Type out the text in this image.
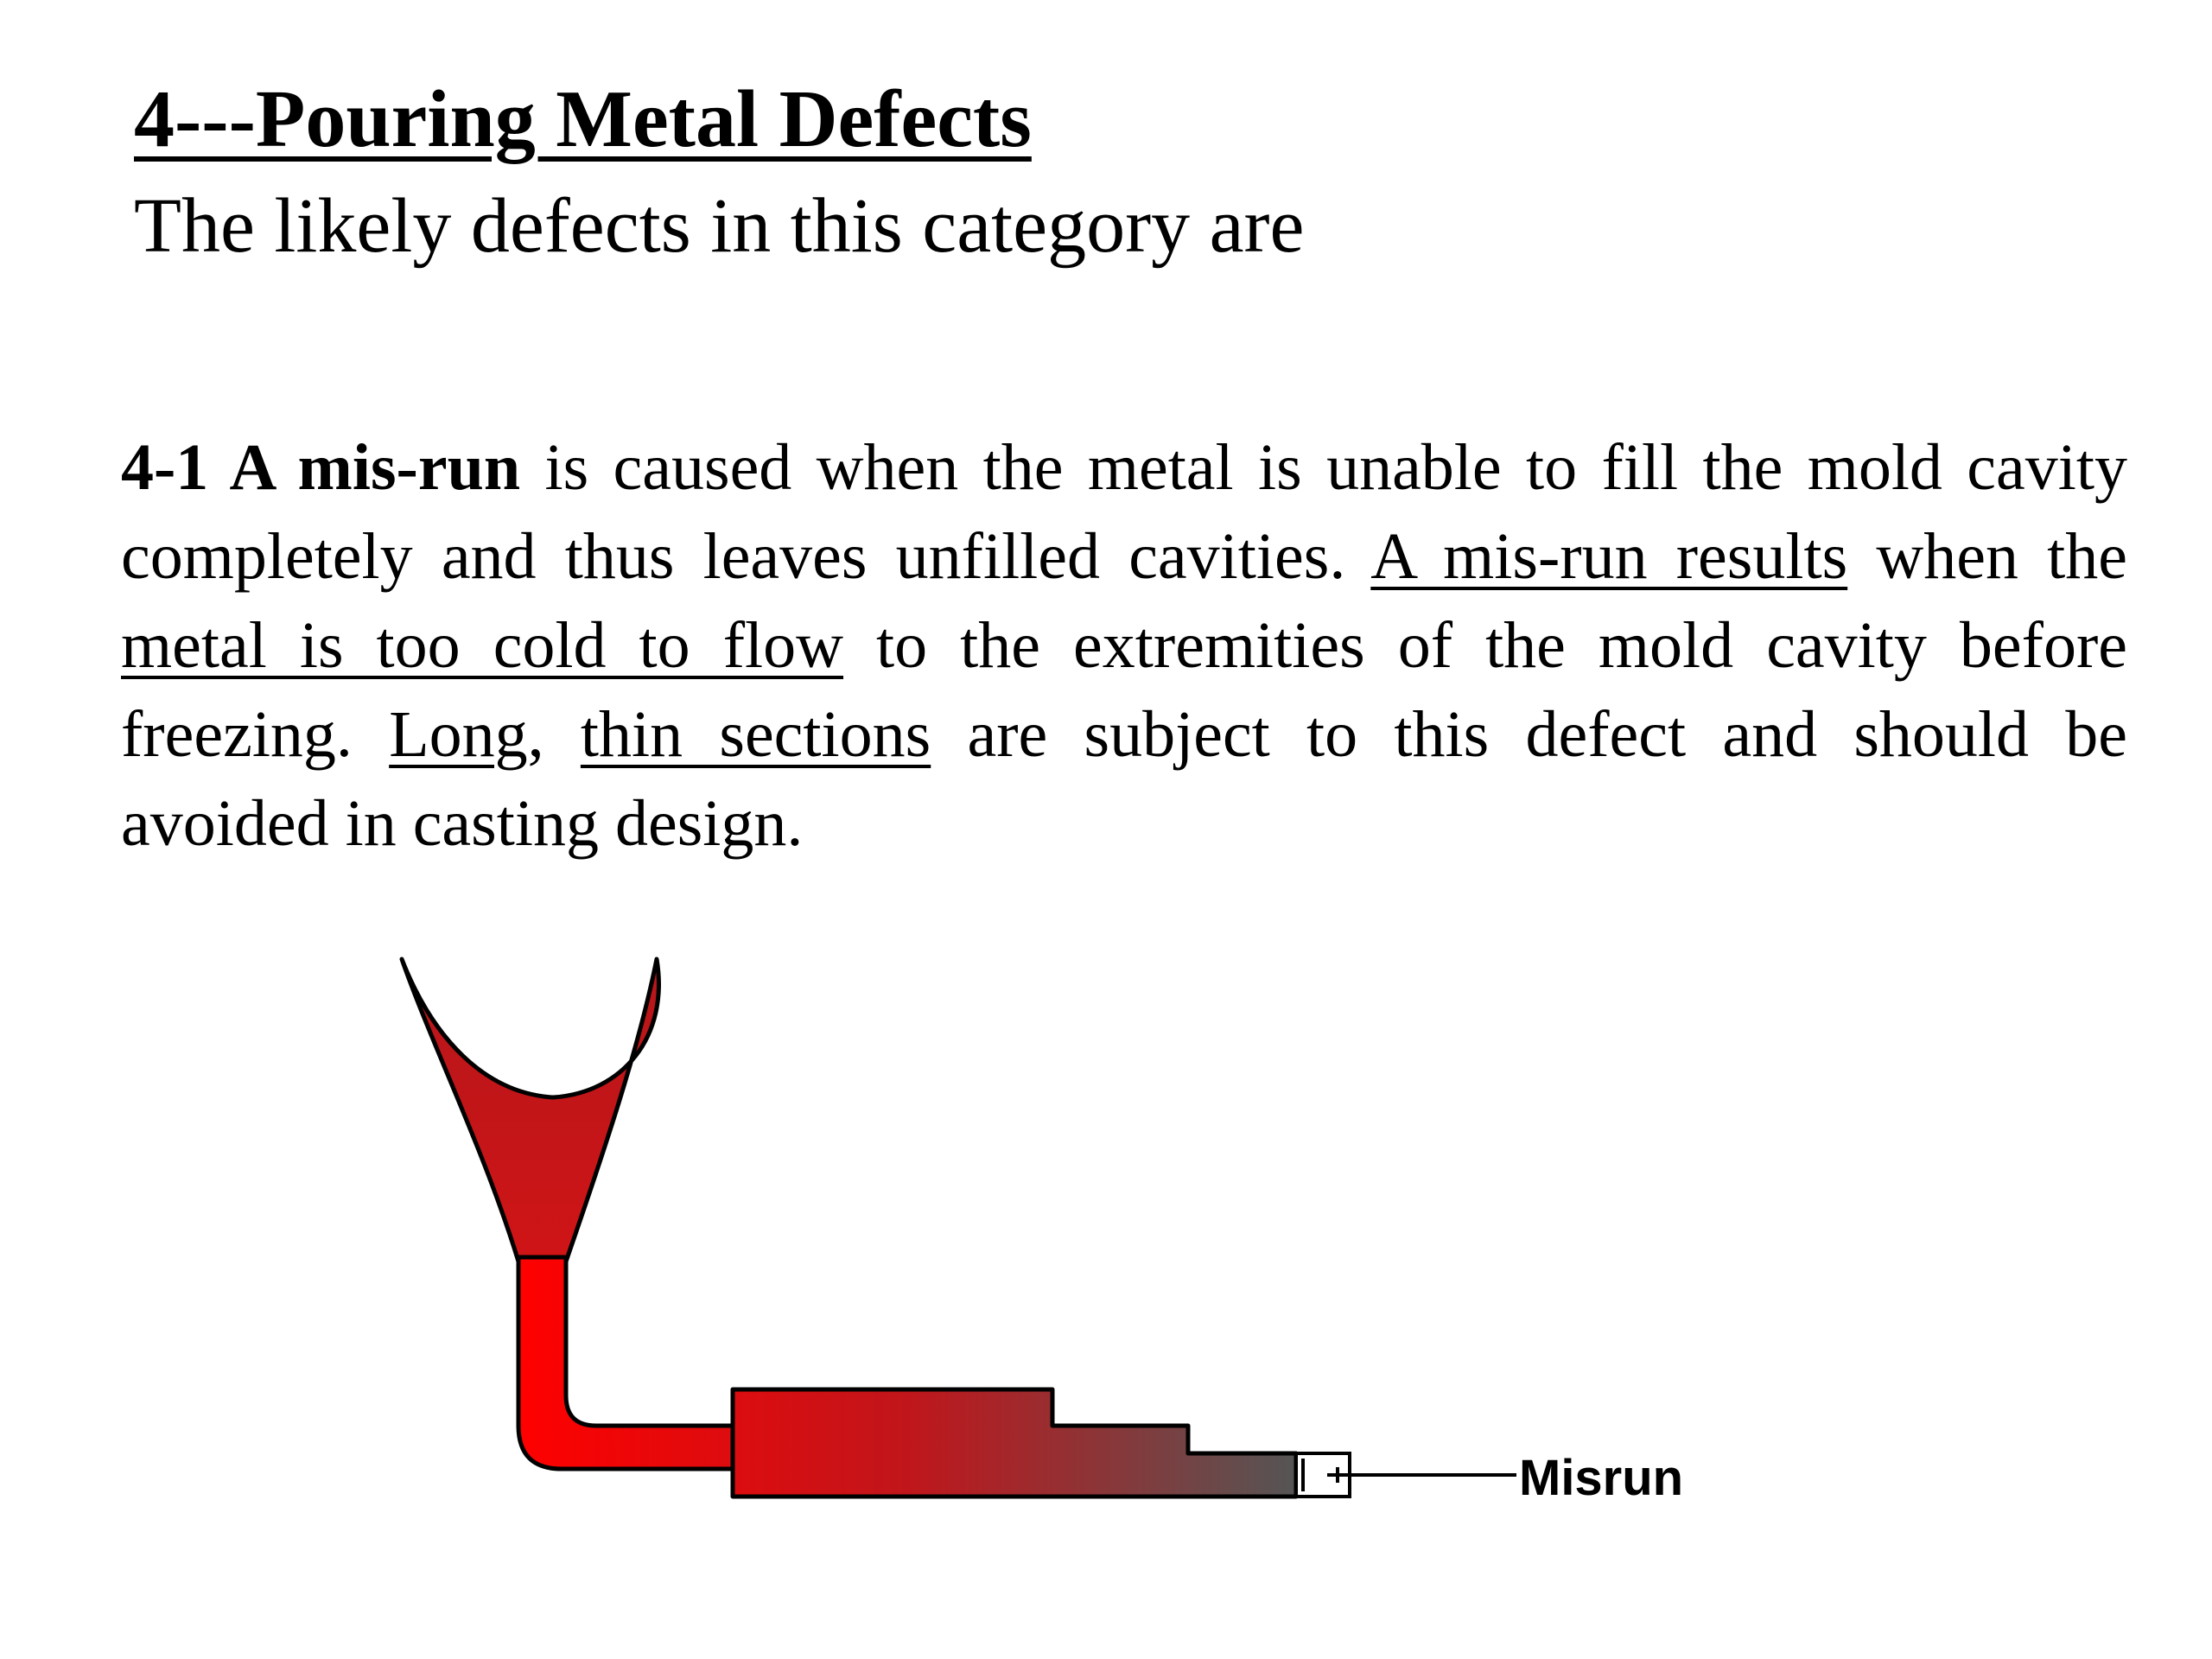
4---Pouring Metal Defects

The likely defects in this category are

4-1 A mis-run is caused when the metal is unable to fill the mold cavity completely and thus leaves unfilled cavities. A mis-run results when the metal is too cold to flow to the extremities of the mold cavity before freezing. Long, thin sections are subject to this defect and should be avoided in casting design.

Misrun
